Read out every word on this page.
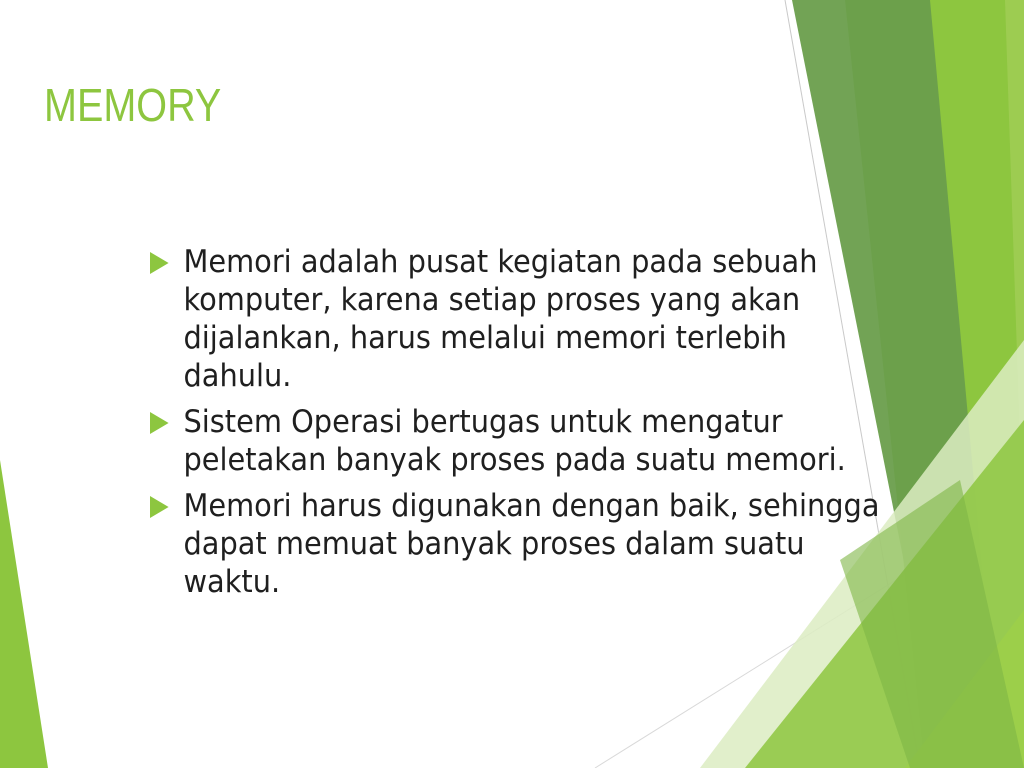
MEMORY
Memori adalah pusat kegiatan pada sebuah komputer, karena setiap proses yang akan dijalankan, harus melalui memori terlebih dahulu.
Sistem Operasi bertugas untuk mengatur peletakan banyak proses pada suatu memori.
Memori harus digunakan dengan baik, sehingga dapat memuat banyak proses dalam suatu waktu.
